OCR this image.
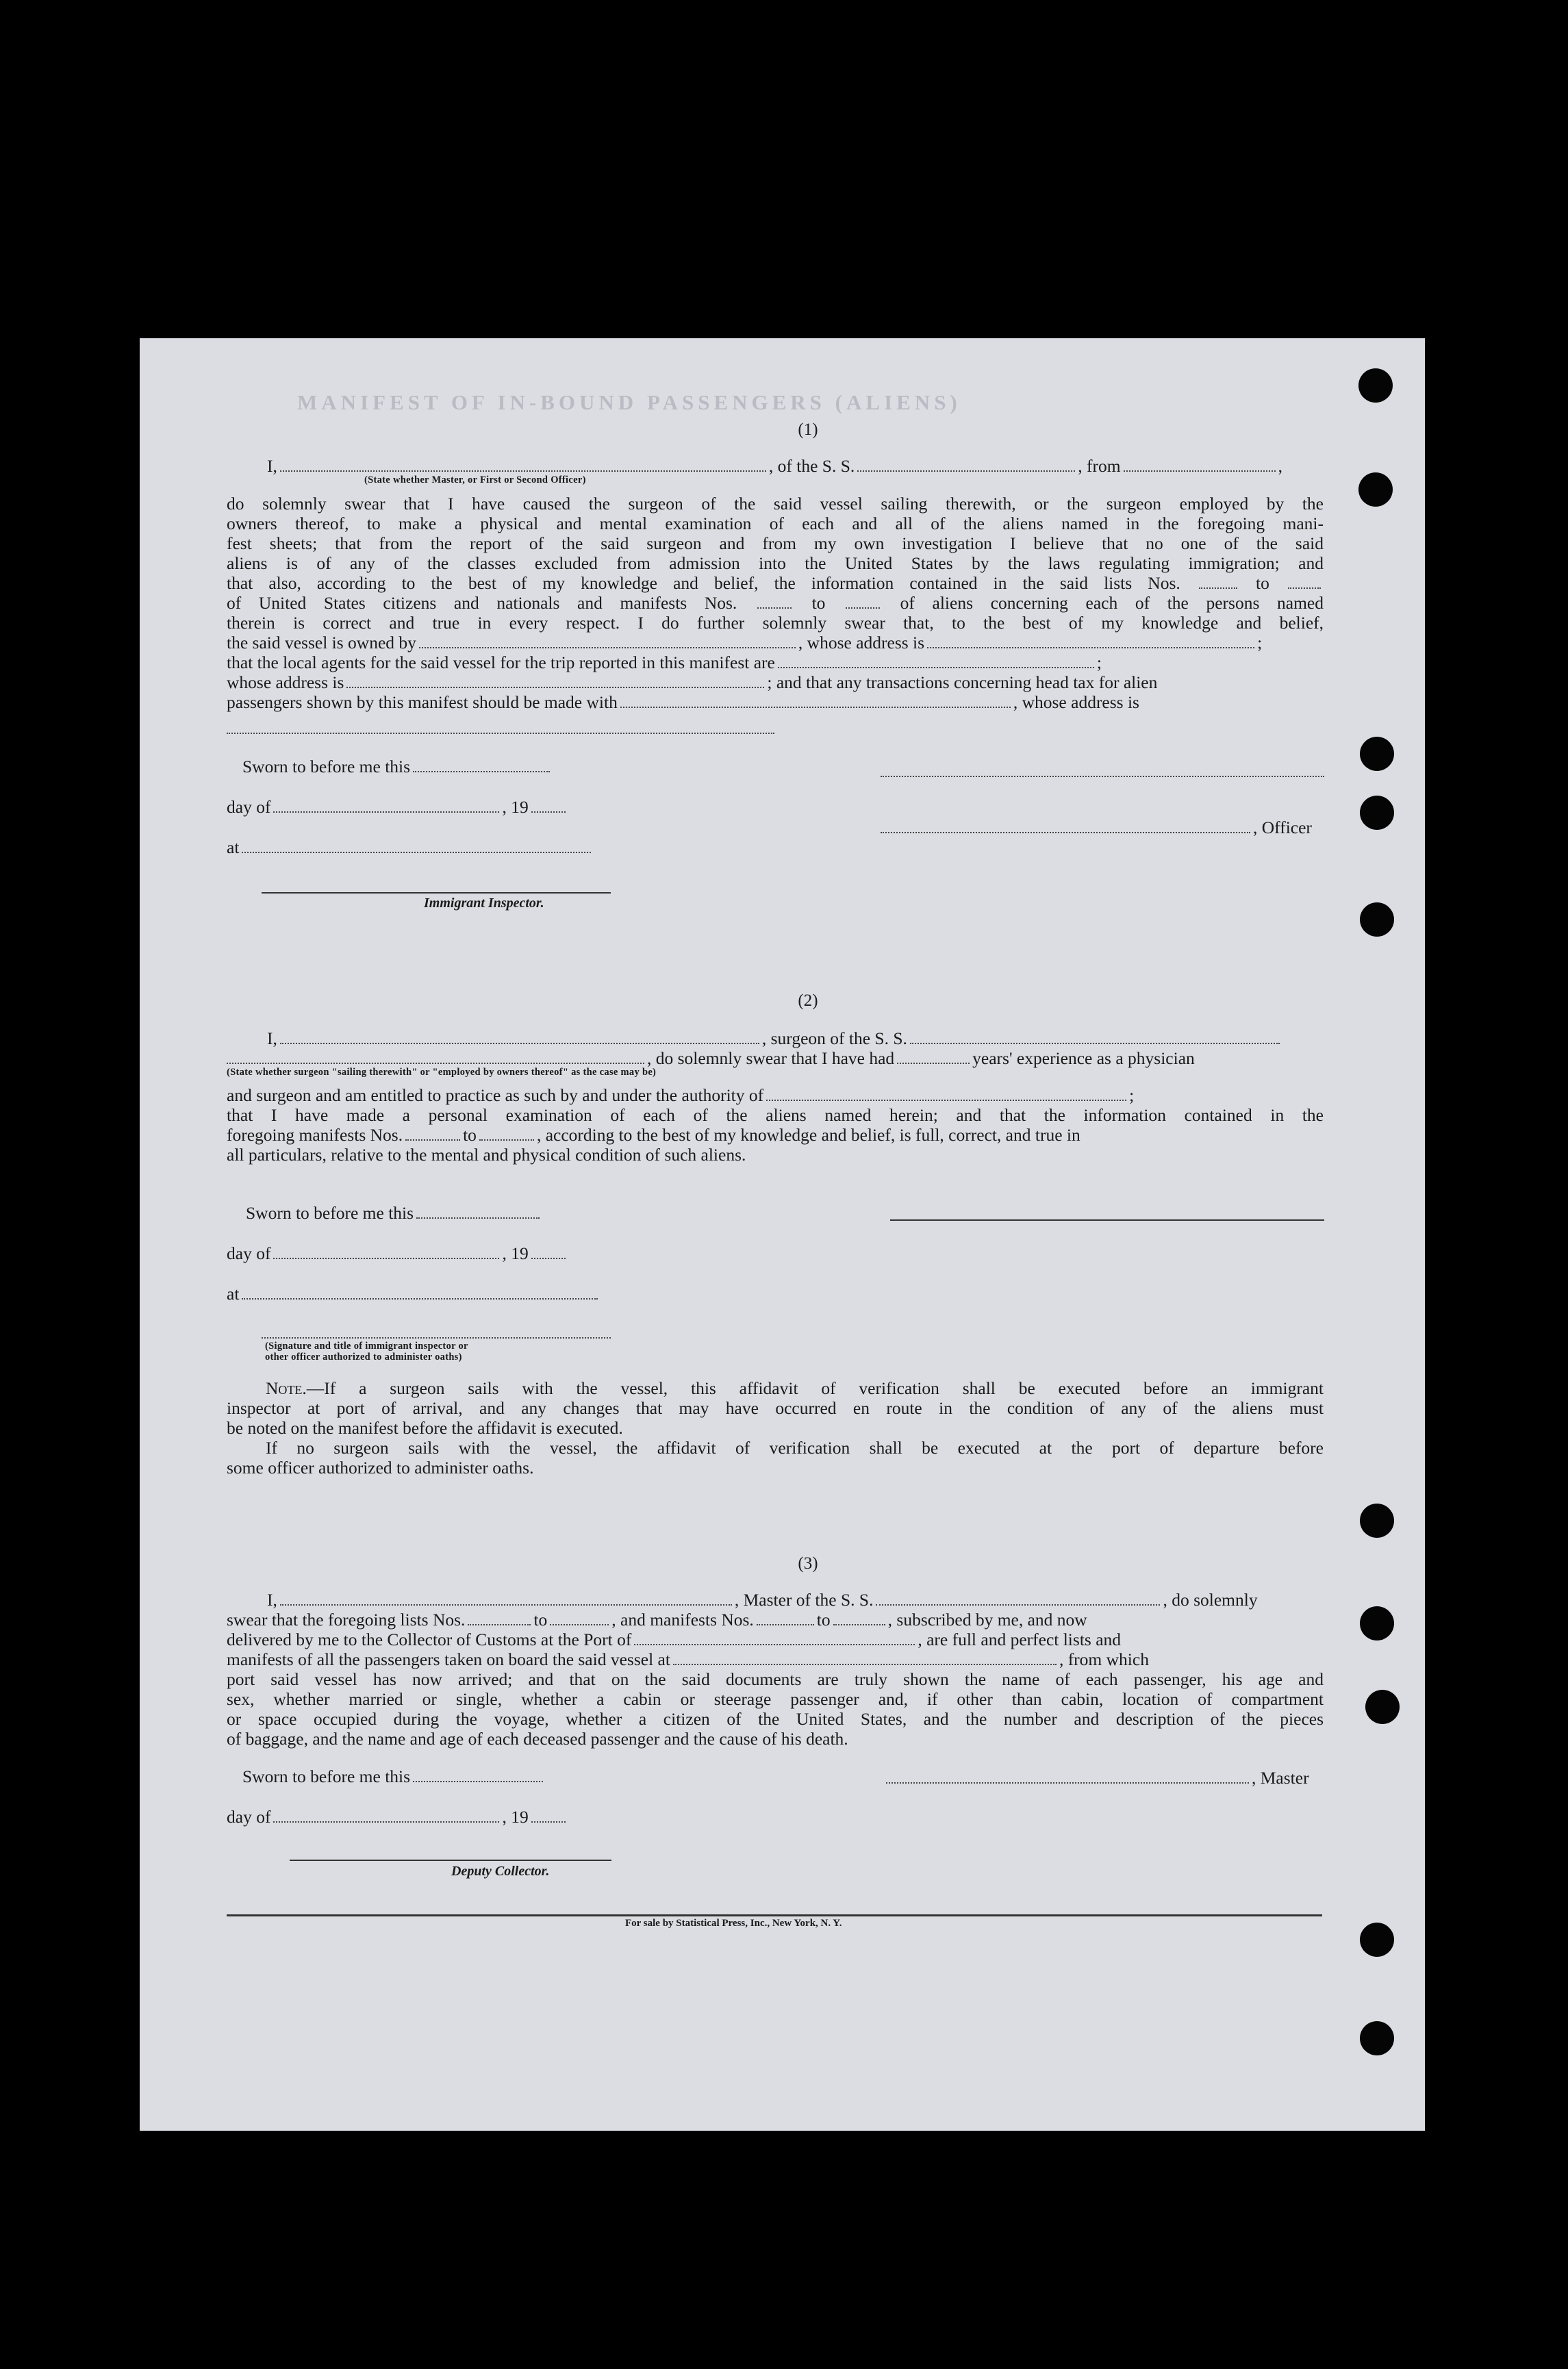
MANIFEST OF IN-BOUND PASSENGERS (ALIENS)
(1)
I,	, of the S. S.	, from	,
(State whether Master, or First or Second Officer)
do solemnly swear that I have caused the surgeon of the said vessel sailing therewith, or the surgeon employed by the
owners thereof, to make a physical and mental examination of each and all of the aliens named in the foregoing mani-
fest sheets; that from the report of the said surgeon and from my own investigation I believe that no one of the said
aliens is of any of the classes excluded from admission into the United States by the laws regulating immigration; and
that also, according to the best of my knowledge and belief, the information contained in the said lists Nos.	to
of United States citizens and nationals and manifests Nos.	to	of aliens concerning each of the persons named
therein is correct and true in every respect. I do further solemnly swear that, to the best of my knowledge and belief,
the said vessel is owned by	, whose address is	;
that the local agents for the said vessel for the trip reported in this manifest are	;
whose address is	; and that any transactions concerning head tax for alien
passengers shown by this manifest should be made with	, whose address is
Sworn to before me this
day of	, 19
at
Immigrant Inspector.
, Officer
(2)
I,	, surgeon of the S. S.
, do solemnly swear that I have had	years' experience as a physician
(State whether surgeon "sailing therewith" or "employed by owners thereof" as the case may be)
and surgeon and am entitled to practice as such by and under the authority of	;
that I have made a personal examination of each of the aliens named herein; and that the information contained in the
foregoing manifests Nos.	to	, according to the best of my knowledge and belief, is full, correct, and true in
all particulars, relative to the mental and physical condition of such aliens.
Sworn to before me this
day of	, 19
at
(Signature and title of immigrant inspector or
other officer authorized to administer oaths)
Note.—If a surgeon sails with the vessel, this affidavit of verification shall be executed before an immigrant
inspector at port of arrival, and any changes that may have occurred en route in the condition of any of the aliens must
be noted on the manifest before the affidavit is executed.
If no surgeon sails with the vessel, the affidavit of verification shall be executed at the port of departure before
some officer authorized to administer oaths.
(3)
I,	, Master of the S. S.	, do solemnly
swear that the foregoing lists Nos.	to	, and manifests Nos.	to	, subscribed by me, and now
delivered by me to the Collector of Customs at the Port of	, are full and perfect lists and
manifests of all the passengers taken on board the said vessel at	, from which
port said vessel has now arrived; and that on the said documents are truly shown the name of each passenger, his age and
sex, whether married or single, whether a cabin or steerage passenger and, if other than cabin, location of compartment
or space occupied during the voyage, whether a citizen of the United States, and the number and description of the pieces
of baggage, and the name and age of each deceased passenger and the cause of his death.
Sworn to before me this	, Master
day of	, 19
Deputy Collector.
For sale by Statistical Press, Inc., New York, N. Y.
